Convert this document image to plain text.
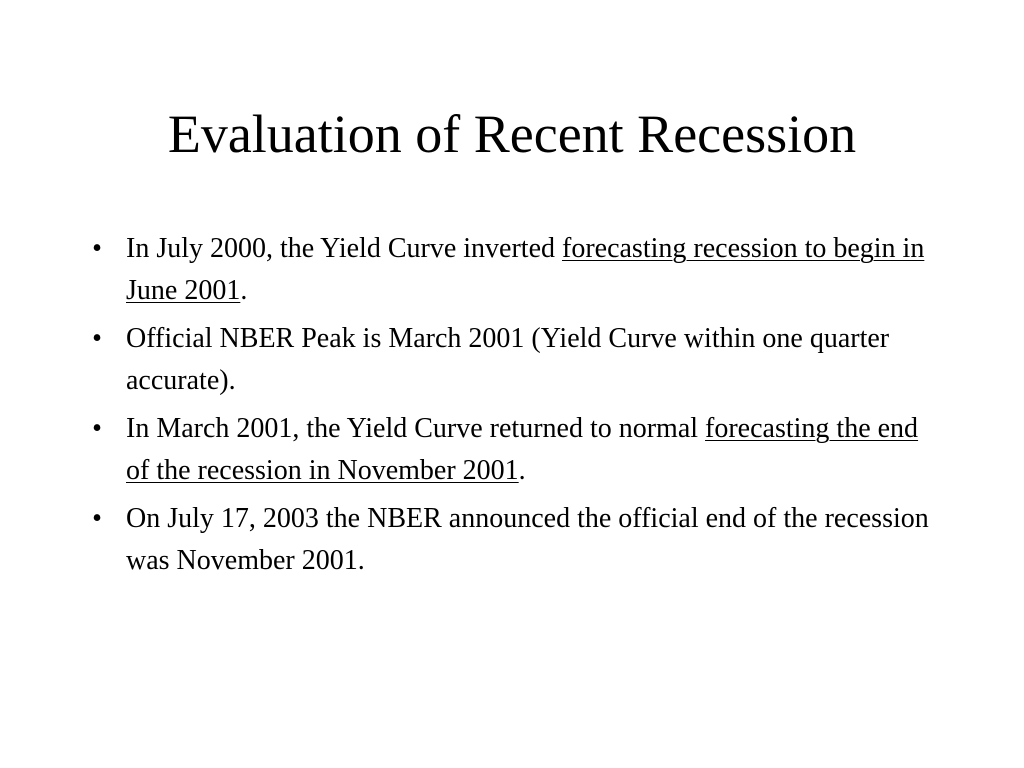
Evaluation of Recent Recession
• In July 2000, the Yield Curve inverted forecasting recession to begin in June 2001.
• Official NBER Peak is March 2001 (Yield Curve within one quarter accurate).
• In March 2001, the Yield Curve returned to normal forecasting the end of the recession in November 2001.
• On July 17, 2003 the NBER announced the official end of the recession was November 2001.
